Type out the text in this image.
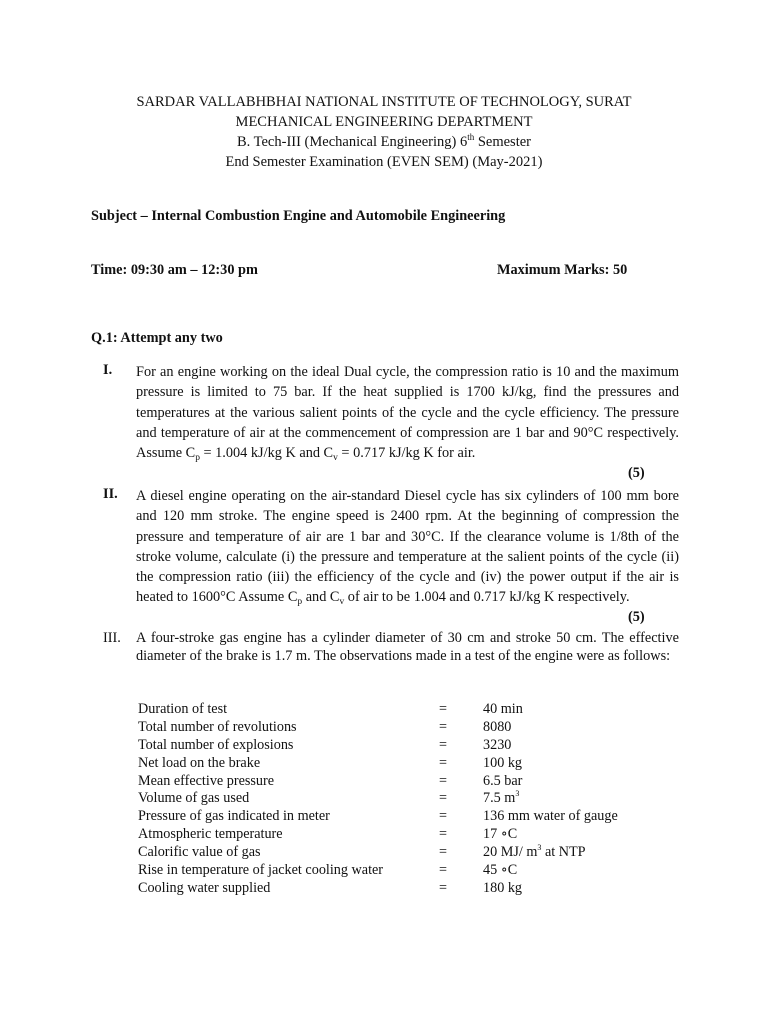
SARDAR VALLABHBHAI NATIONAL INSTITUTE OF TECHNOLOGY, SURAT
MECHANICAL ENGINEERING DEPARTMENT
B. Tech-III (Mechanical Engineering) 6th Semester
End Semester Examination (EVEN SEM) (May-2021)
Subject – Internal Combustion Engine and Automobile Engineering
Time: 09:30 am – 12:30 pm	Maximum Marks: 50
Q.1: Attempt any two
I. For an engine working on the ideal Dual cycle, the compression ratio is 10 and the maximum pressure is limited to 75 bar. If the heat supplied is 1700 kJ/kg, find the pressures and temperatures at the various salient points of the cycle and the cycle efficiency. The pressure and temperature of air at the commencement of compression are 1 bar and 90°C respectively. Assume $C_p = 1.004$ kJ/kg K and $C_v = 0.717$ kJ/kg K for air.
(5)
II. A diesel engine operating on the air-standard Diesel cycle has six cylinders of 100 mm bore and 120 mm stroke. The engine speed is 2400 rpm. At the beginning of compression the pressure and temperature of air are 1 bar and 30°C. If the clearance volume is 1/8th of the stroke volume, calculate (i) the pressure and temperature at the salient points of the cycle (ii) the compression ratio (iii) the efficiency of the cycle and (iv) the power output if the air is heated to 1600°C Assume $C_p$ and $C_v$ of air to be 1.004 and 0.717 kJ/kg K respectively.
(5)
III. A four-stroke gas engine has a cylinder diameter of 30 cm and stroke 50 cm. The effective diameter of the brake is 1.7 m. The observations made in a test of the engine were as follows:
Duration of test	=	40 min
Total number of revolutions	=	8080
Total number of explosions	=	3230
Net load on the brake	=	100 kg
Mean effective pressure	=	6.5 bar
Volume of gas used	=	7.5 $m^3$
Pressure of gas indicated in meter	=	136 mm water of gauge
Atmospheric temperature	=	17 ∘C
Calorific value of gas	=	20 MJ/ $m^3$ at NTP
Rise in temperature of jacket cooling water	=	45 ∘C
Cooling water supplied	=	180 kg
